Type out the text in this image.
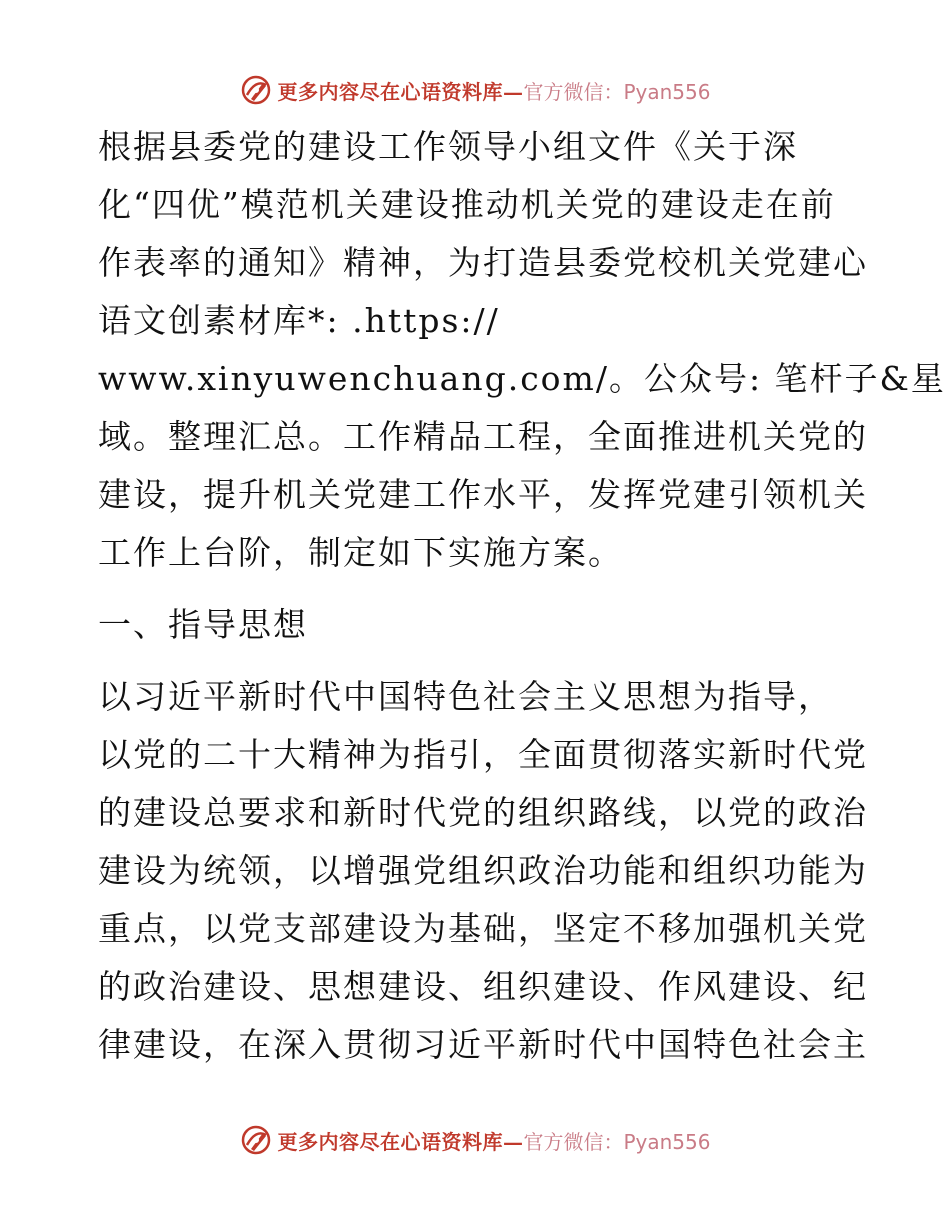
更多内容尽在心语资料库— 官方微信：Pyan556

根据县委党的建设工作领导小组文件《关于深

化“四优”模范机关建设推动机关党的建设走在前

作表率的通知》精神，为打造县委党校机关党建心

语文创素材库*: .https://

www.xinyuwenchuang.com/。公众号: 笔杆子&星

域。整理汇总。工作精品工程，全面推进机关党的

建设，提升机关党建工作水平，发挥党建引领机关

工作上台阶，制定如下实施方案。

一、指导思想

以习近平新时代中国特色社会主义思想为指导，

以党的二十大精神为指引，全面贯彻落实新时代党

的建设总要求和新时代党的组织路线，以党的政治

建设为统领，以增强党组织政治功能和组织功能为

重点，以党支部建设为基础，坚定不移加强机关党

的政治建设、思想建设、组织建设、作风建设、纪

律建设，在深入贯彻习近平新时代中国特色社会主

更多内容尽在心语资料库— 官方微信：Pyan556
